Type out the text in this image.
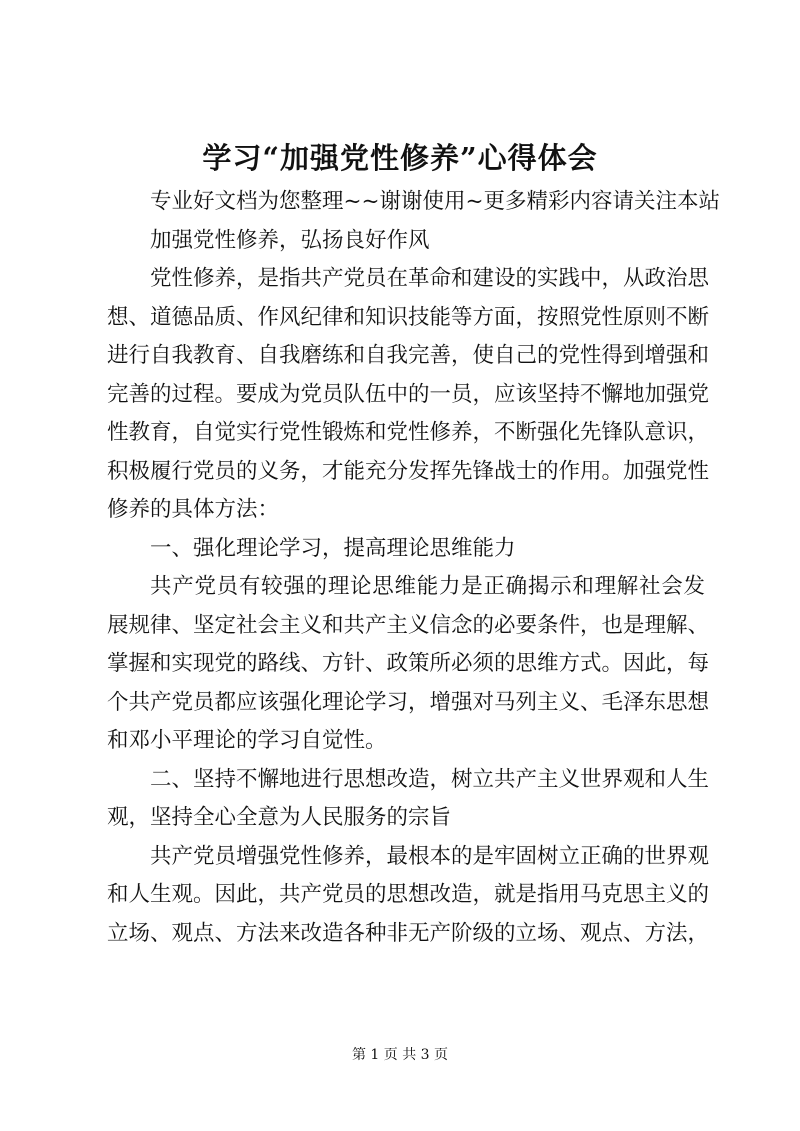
学习“加强党性修养”心得体会
专业好文档为您整理~~谢谢使用~更多精彩内容请关注本站
加强党性修养，弘扬良好作风
党性修养，是指共产党员在革命和建设的实践中，从政治思
想、道德品质、作风纪律和知识技能等方面，按照党性原则不断
进行自我教育、自我磨练和自我完善，使自己的党性得到增强和
完善的过程。要成为党员队伍中的一员，应该坚持不懈地加强党
性教育，自觉实行党性锻炼和党性修养，不断强化先锋队意识，
积极履行党员的义务，才能充分发挥先锋战士的作用。加强党性
修养的具体方法：
一、强化理论学习，提高理论思维能力
共产党员有较强的理论思维能力是正确揭示和理解社会发
展规律、坚定社会主义和共产主义信念的必要条件，也是理解、
掌握和实现党的路线、方针、政策所必须的思维方式。因此，每
个共产党员都应该强化理论学习，增强对马列主义、毛泽东思想
和邓小平理论的学习自觉性。
二、坚持不懈地进行思想改造，树立共产主义世界观和人生
观，坚持全心全意为人民服务的宗旨
共产党员增强党性修养，最根本的是牢固树立正确的世界观
和人生观。因此，共产党员的思想改造，就是指用马克思主义的
立场、观点、方法来改造各种非无产阶级的立场、观点、方法，
第 1 页 共 3 页
